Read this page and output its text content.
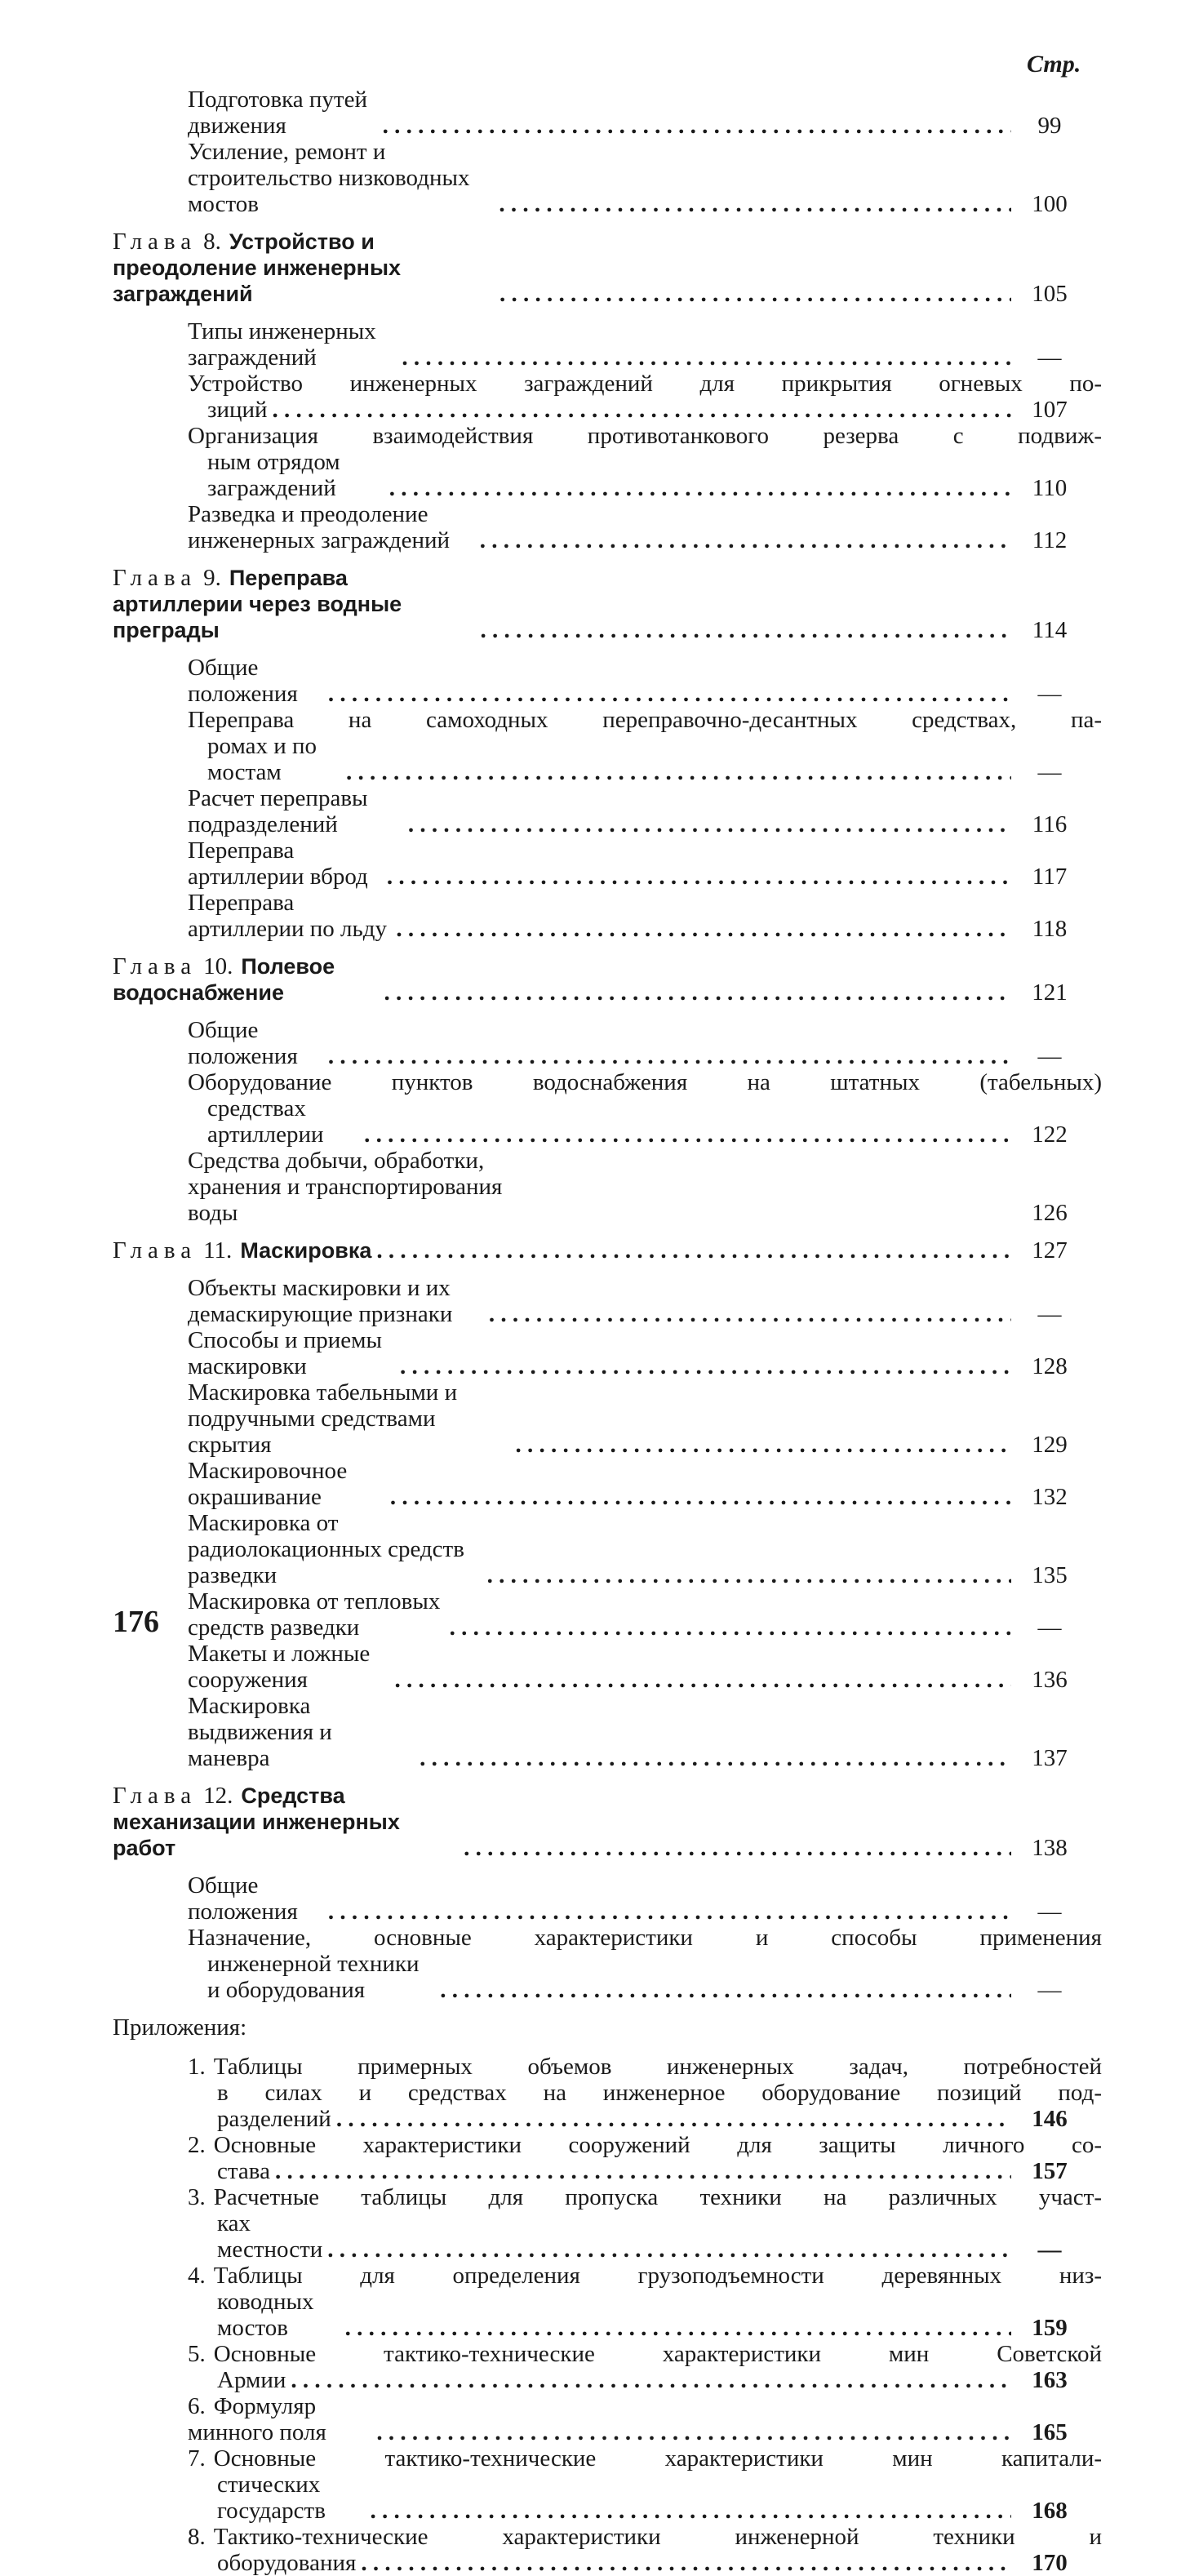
Стр.
Подготовка путей движения . . .	99
Усиление, ремонт и строительство низководных мостов . . .	100
Глава 8. Устройство и преодоление инженерных заграждений . . .	105
Типы инженерных заграждений . . .	—
Устройство инженерных заграждений для прикрытия огневых по-
зиций . . .	107
Организация взаимодействия противотанкового резерва с подвиж-
ным отрядом заграждений . . .	110
Разведка и преодоление инженерных заграждений . . .	112
Глава 9. Переправа артиллерии через водные преграды . . .	114
Общие положения . . .	—
Переправа на самоходных переправочно-десантных средствах, па-
ромах и по мостам . . .	—
Расчет переправы подразделений . . .	116
Переправа артиллерии вброд . . .	117
Переправа артиллерии по льду . . .	118
Глава 10. Полевое водоснабжение . . .	121
Общие положения . . .	—
Оборудование пунктов водоснабжения на штатных (табельных)
средствах артиллерии . . .	122
Средства добычи, обработки, хранения и транспортирования воды	126
Глава 11. Маскировка . . .	127
Объекты маскировки и их демаскирующие признаки . . .	—
Способы и приемы маскировки . . .	128
Маскировка табельными и подручными средствами скрытия . . .	129
Маскировочное окрашивание . . .	132
Маскировка от радиолокационных средств разведки . . .	135
Маскировка от тепловых средств разведки . . .	—
Макеты и ложные сооружения . . .	136
Маскировка выдвижения и маневра . . .	137
Глава 12. Средства механизации инженерных работ . . .	138
Общие положения . . .	—
Назначение, основные характеристики и способы применения
инженерной техники и оборудования . . .	—
Приложения:
1. Таблицы примерных объемов инженерных задач, потребностей
в силах и средствах на инженерное оборудование позиций под-
разделений . . .	146
2. Основные характеристики сооружений для защиты личного со-
става . . .	157
3. Расчетные таблицы для пропуска техники на различных участ-
ках местности . . .	—
4. Таблицы для определения грузоподъемности деревянных низ-
ководных мостов . . .	159
5. Основные тактико-технические характеристики мин Советской
Армии . . .	163
6. Формуляр минного поля . . .	165
7. Основные тактико-технические характеристики мин капитали-
стических государств . . .	168
8. Тактико-технические характеристики инженерной техники и
оборудования . . .	170
176
